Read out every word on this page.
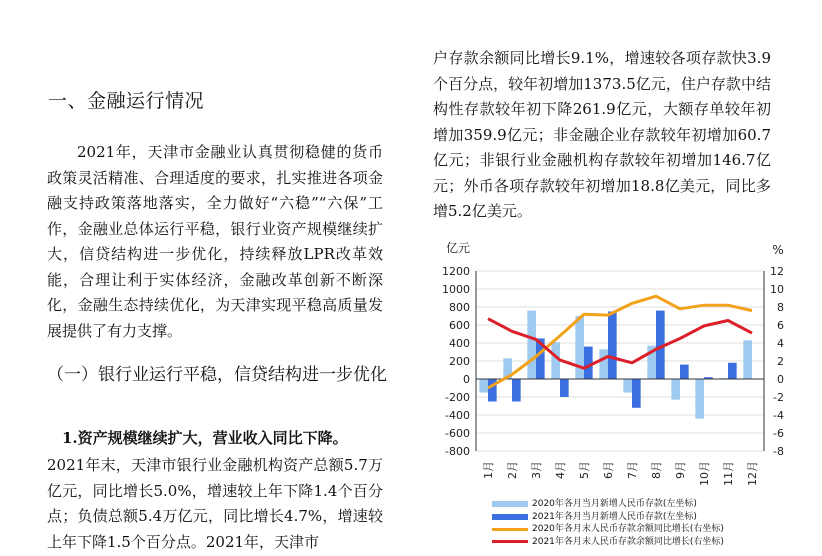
一、金融运行情况
2021年，天津市金融业认真贯彻稳健的货币政策灵活精准、合理适度的要求，扎实推进各项金融支持政策落地落实，全力做好“六稳”“六保”工作，金融业总体运行平稳，银行业资产规模继续扩大，信贷结构进一步优化，持续释放LPR改革效能，合理让利于实体经济，金融改革创新不断深化，金融生态持续优化，为天津实现平稳高质量发展提供了有力支撑。
（一）银行业运行平稳，信贷结构进一步优化
1.资产规模继续扩大，营业收入同比下降。
2021年末，天津市银行业金融机构资产总额5.7万亿元，同比增长5.0%，增速较上年下降1.4个百分点；负债总额5.4万亿元，同比增长4.7%，增速较上年下降1.5个百分点。2021年，天津市
户存款余额同比增长9.1%，增速较各项存款快3.9个百分点，较年初增加1373.5亿元，住户存款中结构性存款较年初下降261.9亿元，大额存单较年初增加359.9亿元；非金融企业存款较年初增加60.7亿元；非银行业金融机构存款较年初增加146.7亿元；外币各项存款较年初增加18.8亿美元，同比多增5.2亿美元。
-800
-600
-400
-200
0
200
400
600
800
1000
1200
-8
-6
-4
-2
0
2
4
6
8
10
12
亿元	%
1月 2月 3月 4月 5月 6月 7月 8月 9月 10月 11月 12月
2020年各月当月新增人民币存款(左坐标)
2021年各月当月新增人民币存款(左坐标)
2020年各月末人民币存款余额同比增长(右坐标)
2021年各月末人民币存款余额同比增长(右坐标)
